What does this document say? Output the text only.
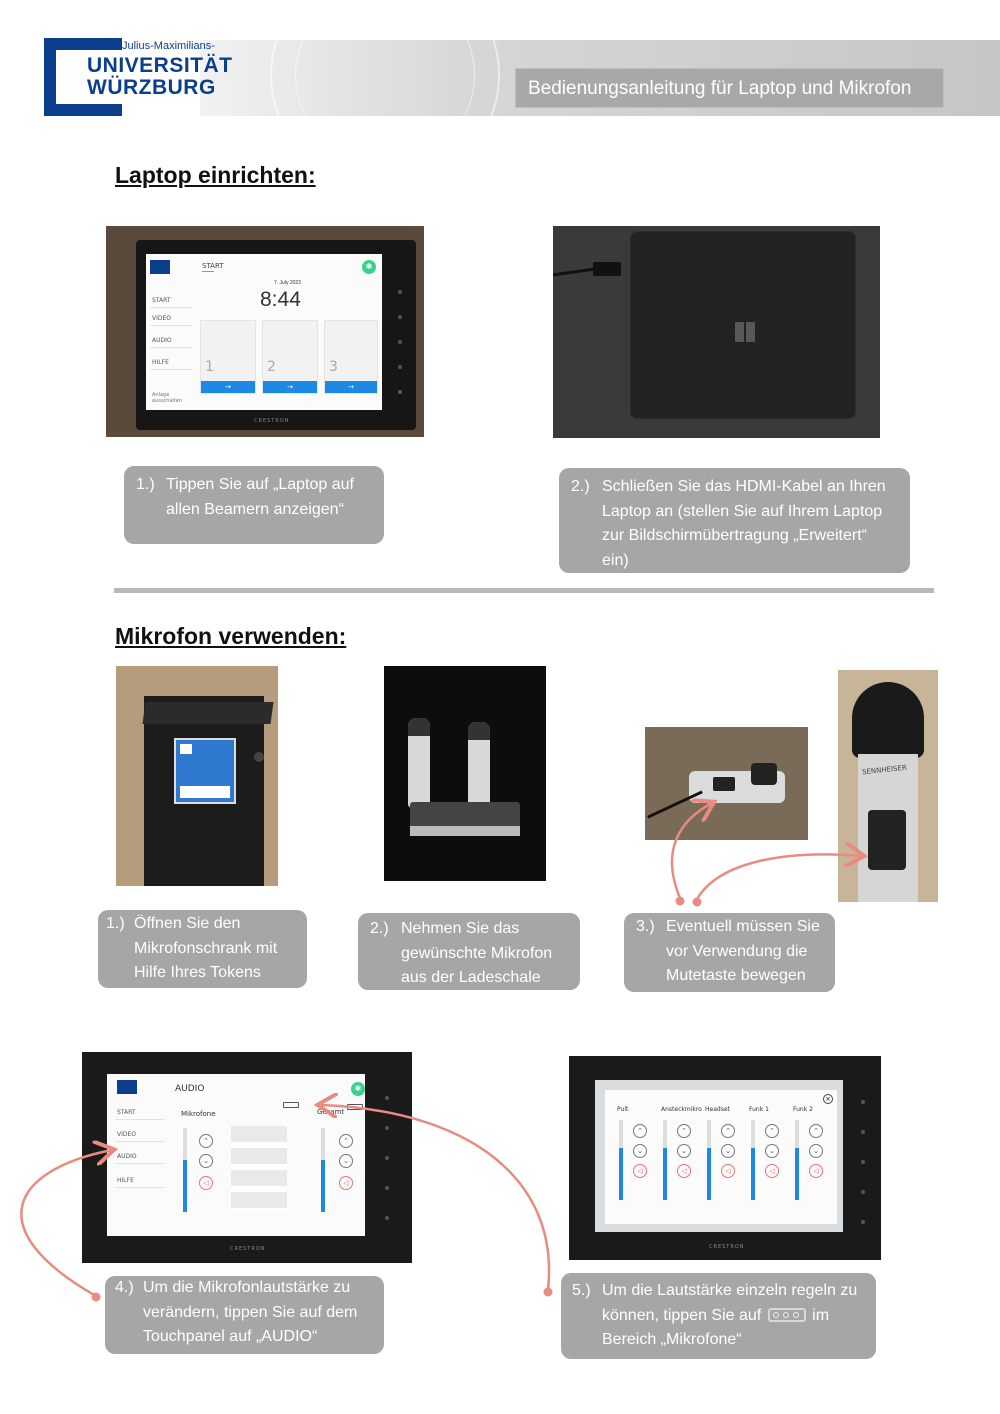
Bedienungsanleitung für Laptop und Mikrofon
Julius-Maximilians-
UNIVERSITÄT
WÜRZBURG
Laptop einrichten:
START
VIDEO
AUDIO
HILFE
Anlage
ausschalten
START
7. July 2023
8:44
✱
1
→
2
→
3
→
CRESTRON
1.) Tippen Sie auf „Laptop auf
allen Beamern anzeigen“
2.) Schließen Sie das HDMI-Kabel an Ihren
Laptop an (stellen Sie auf Ihrem Laptop
zur Bildschirmübertragung „Erweitert“
ein)
Mikrofon verwenden:
SENNHEISER
1.) Öffnen Sie den
Mikrofonschrank mit
Hilfe Ihres Tokens
2.) Nehmen Sie das
gewünschte Mikrofon
aus der Ladeschale
3.) Eventuell müssen Sie
vor Verwendung die
Mutetaste bewegen
START
VIDEO
AUDIO
HILFE
AUDIO
Mikrofone	Gesamt
✱
⌃
⌄
◁
⌃
⌄
◁
CRESTRON
×
Pult
⌃
⌄
◁
Ansteckmikro
⌃
⌄
◁
Headset
⌃
⌄
◁
Funk 1
⌃
⌄
◁
Funk 2
⌃
⌄
◁
CRESTRON
4.) Um die Mikrofonlautstärke zu
verändern, tippen Sie auf dem
Touchpanel auf „AUDIO“
5.) Um die Lautstärke einzeln regeln zu
können, tippen Sie auf	im
Bereich „Mikrofone“
